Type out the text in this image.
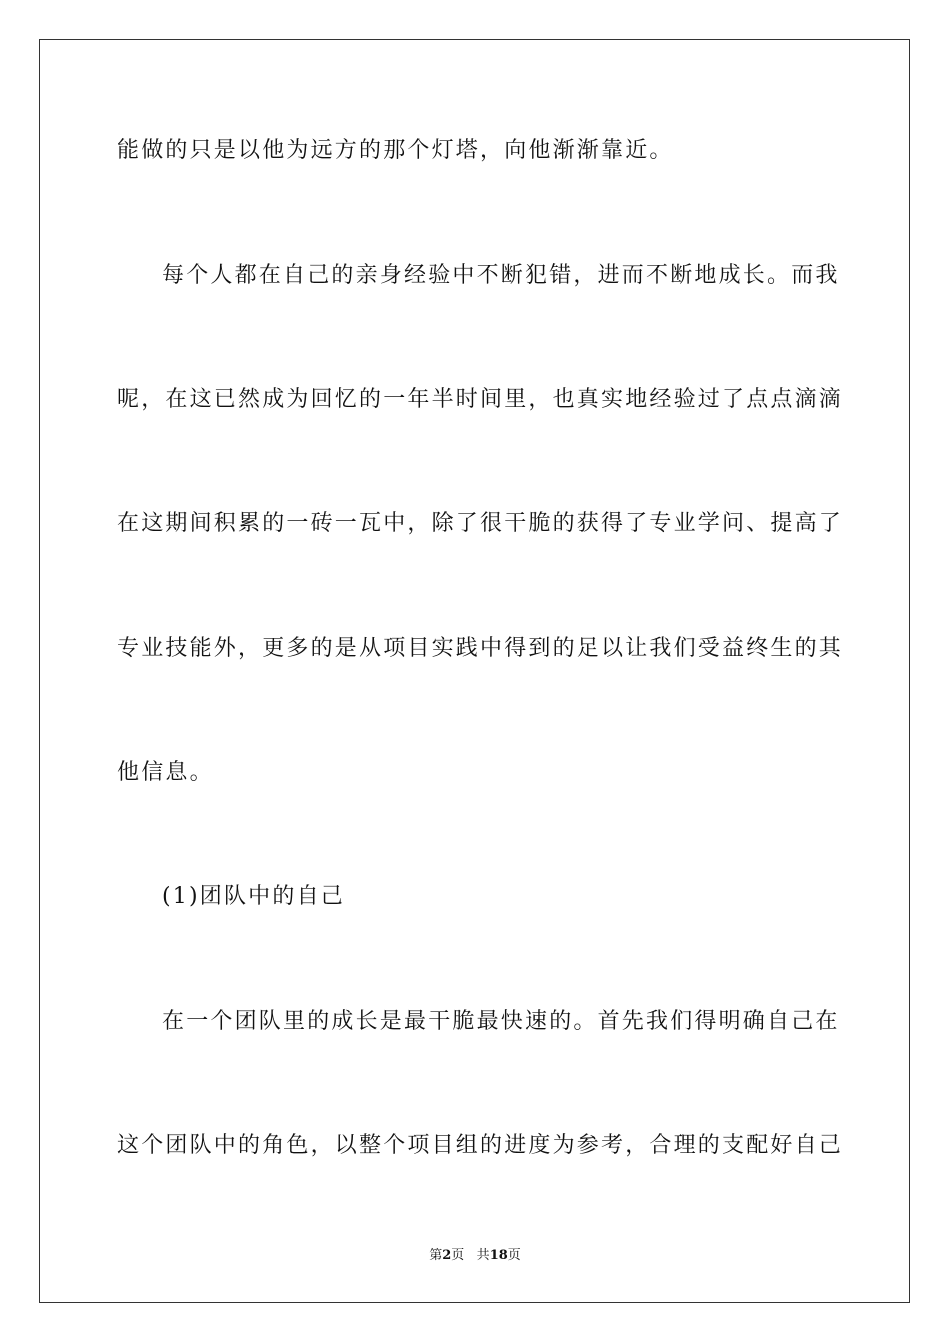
能做的只是以他为远方的那个灯塔，向他渐渐靠近。
每个人都在自己的亲身经验中不断犯错，进而不断地成长。而我
呢，在这已然成为回忆的一年半时间里，也真实地经验过了点点滴滴
在这期间积累的一砖一瓦中，除了很干脆的获得了专业学问、提高了
专业技能外，更多的是从项目实践中得到的足以让我们受益终生的其
他信息。
(1)团队中的自己
在一个团队里的成长是最干脆最快速的。首先我们得明确自己在
这个团队中的角色，以整个项目组的进度为参考，合理的支配好自己
第2页 共18页
